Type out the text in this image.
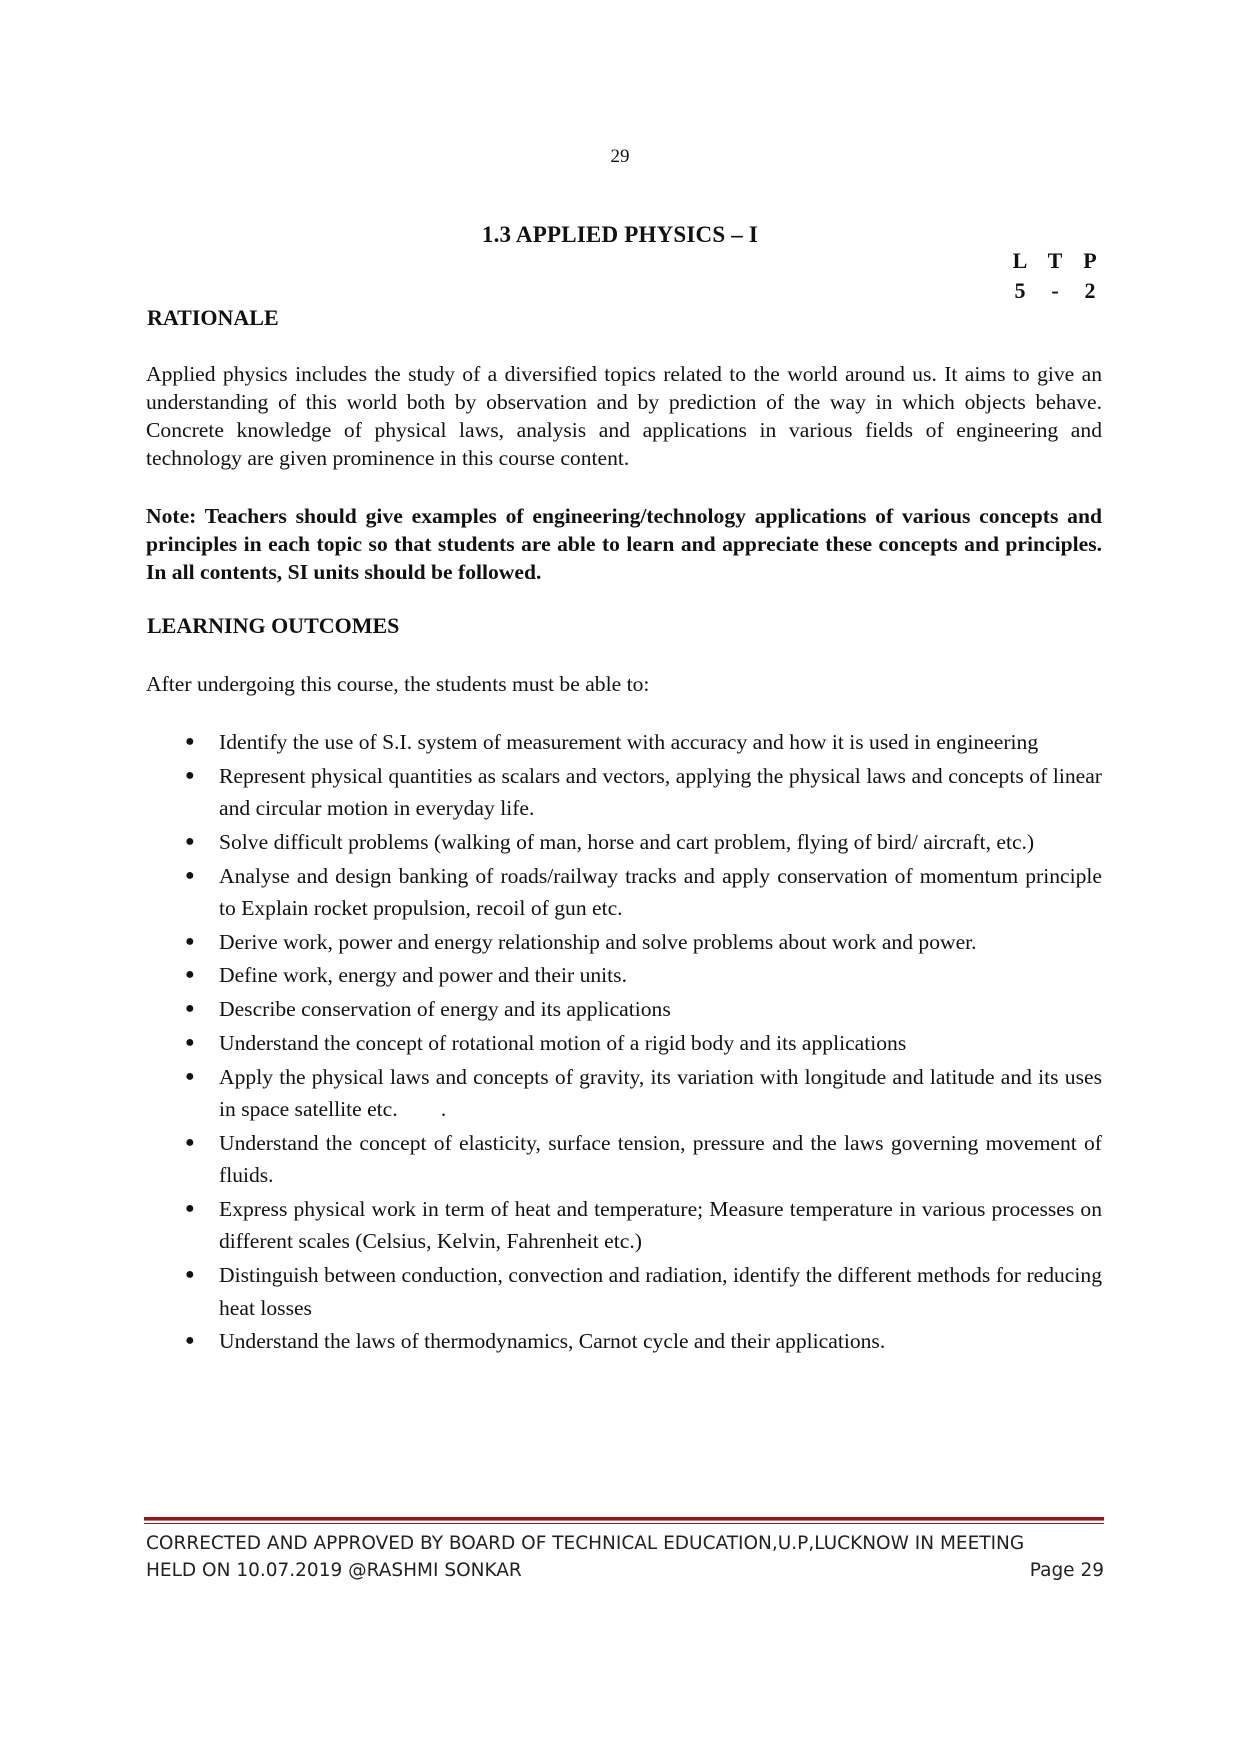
29
1.3 APPLIED PHYSICS – I
L T P
5	-	2
RATIONALE
Applied physics includes the study of a diversified topics related to the world around us. It aims to give an understanding of this world both by observation and by prediction of the way in which objects behave. Concrete knowledge of physical laws, analysis and applications in various fields of engineering and technology are given prominence in this course content.
Note: Teachers should give examples of engineering/technology applications of various concepts and principles in each topic so that students are able to learn and appreciate these concepts and principles. In all contents, SI units should be followed.
LEARNING OUTCOMES
After undergoing this course, the students must be able to:
● Identify the use of S.I. system of measurement with accuracy and how it is used in engineering
● Represent physical quantities as scalars and vectors, applying the physical laws and concepts of linear and circular motion in everyday life.
● Solve difficult problems (walking of man, horse and cart problem, flying of bird/ aircraft, etc.)
● Analyse and design banking of roads/railway tracks and apply conservation of momentum principle to Explain rocket propulsion, recoil of gun etc.
● Derive work, power and energy relationship and solve problems about work and power.
● Define work, energy and power and their units.
● Describe conservation of energy and its applications
● Understand the concept of rotational motion of a rigid body and its applications
● Apply the physical laws and concepts of gravity, its variation with longitude and latitude and its uses in space satellite etc.        .
● Understand the concept of elasticity, surface tension, pressure and the laws governing movement of fluids.
● Express physical work in term of heat and temperature; Measure temperature in various processes on different scales (Celsius, Kelvin, Fahrenheit etc.)
● Distinguish between conduction, convection and radiation, identify the different methods for reducing heat losses
● Understand the laws of thermodynamics, Carnot cycle and their applications.
CORRECTED AND APPROVED BY BOARD OF TECHNICAL EDUCATION,U.P,LUCKNOW IN MEETING
HELD ON 10.07.2019 @RASHMI SONKAR	Page 29
